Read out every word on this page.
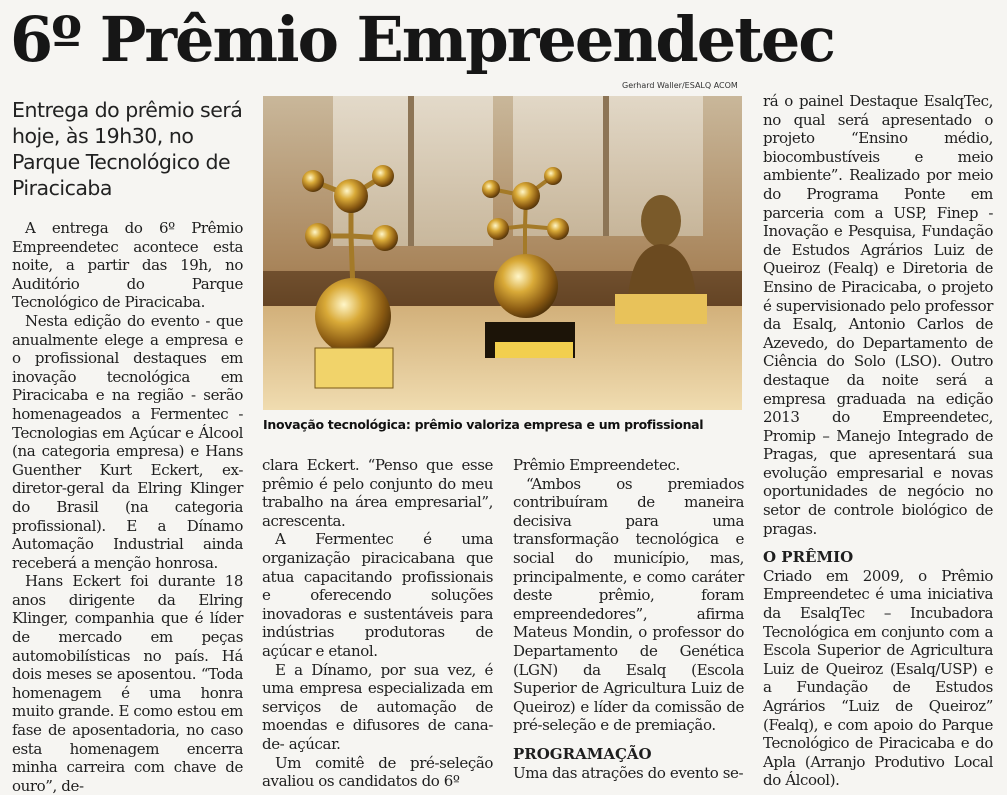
6º Prêmio Empreendetec

Entrega do prêmio será hoje, às 19h30, no Parque Tecnológico de Piracicaba

Gerhard Waller/ESALQ ACOM
Inovação tecnológica: prêmio valoriza empresa e um profissional

A entrega do 6º Prêmio Empreendetec acontece esta noite, a partir das 19h, no Auditório do Parque Tecnológico de Piracicaba.

Nesta edição do evento - que anualmente elege a empresa e o profissional destaques em inovação tecnológica em Piracicaba e na região - serão homenageados a Fermentec - Tecnologias em Açúcar e Álcool (na categoria empresa) e Hans Guenther Kurt Eckert, ex-diretor-geral da Elring Klinger do Brasil (na categoria profissional). E a Dínamo Automação Industrial ainda receberá a menção honrosa.

Hans Eckert foi durante 18 anos dirigente da Elring Klinger, companhia que é líder de mercado em peças automobilísticas no país. Há dois meses se aposentou. “Toda homenagem é uma honra muito grande. E como estou em fase de aposentadoria, no caso esta homenagem encerra minha carreira com chave de ouro”, de-

clara Eckert. “Penso que esse prêmio é pelo conjunto do meu trabalho na área empresarial”, acrescenta.

A Fermentec é uma organização piracicabana que atua capacitando profissionais e oferecendo soluções inovadoras e sustentáveis para indústrias produtoras de açúcar e etanol.

E a Dínamo, por sua vez, é uma empresa especializada em serviços de automação de moendas e difusores de cana-de- açúcar.

Um comitê de pré-seleção avaliou os candidatos do 6º

Prêmio Empreendetec.

“Ambos os premiados contribuíram de maneira decisiva para uma transformação tecnológica e social do município, mas, principalmente, e como caráter deste prêmio, foram empreendedores”, afirma Mateus Mondin, o professor do Departamento de Genética (LGN) da Esalq (Escola Superior de Agricultura Luiz de Queiroz) e líder da comissão de pré-seleção e de premiação.

PROGRAMAÇÃO

Uma das atrações do evento se-

rá o painel Destaque EsalqTec, no qual será apresentado o projeto “Ensino médio, biocombustíveis e meio ambiente”. Realizado por meio do Programa Ponte em parceria com a USP, Finep - Inovação e Pesquisa, Fundação de Estudos Agrários Luiz de Queiroz (Fealq) e Diretoria de Ensino de Piracicaba, o projeto é supervisionado pelo professor da Esalq, Antonio Carlos de Azevedo, do Departamento de Ciência do Solo (LSO). Outro destaque da noite será a empresa graduada na edição 2013 do Empreendetec, Promip – Manejo Integrado de Pragas, que apresentará sua evolução empresarial e novas oportunidades de negócio no setor de controle biológico de pragas.

O PRÊMIO

Criado em 2009, o Prêmio Empreendetec é uma iniciativa da EsalqTec – Incubadora Tecnológica em conjunto com a Escola Superior de Agricultura Luiz de Queiroz (Esalq/USP) e a Fundação de Estudos Agrários “Luiz de Queiroz” (Fealq), e com apoio do Parque Tecnológico de Piracicaba e do Apla (Arranjo Produtivo Local do Álcool).
